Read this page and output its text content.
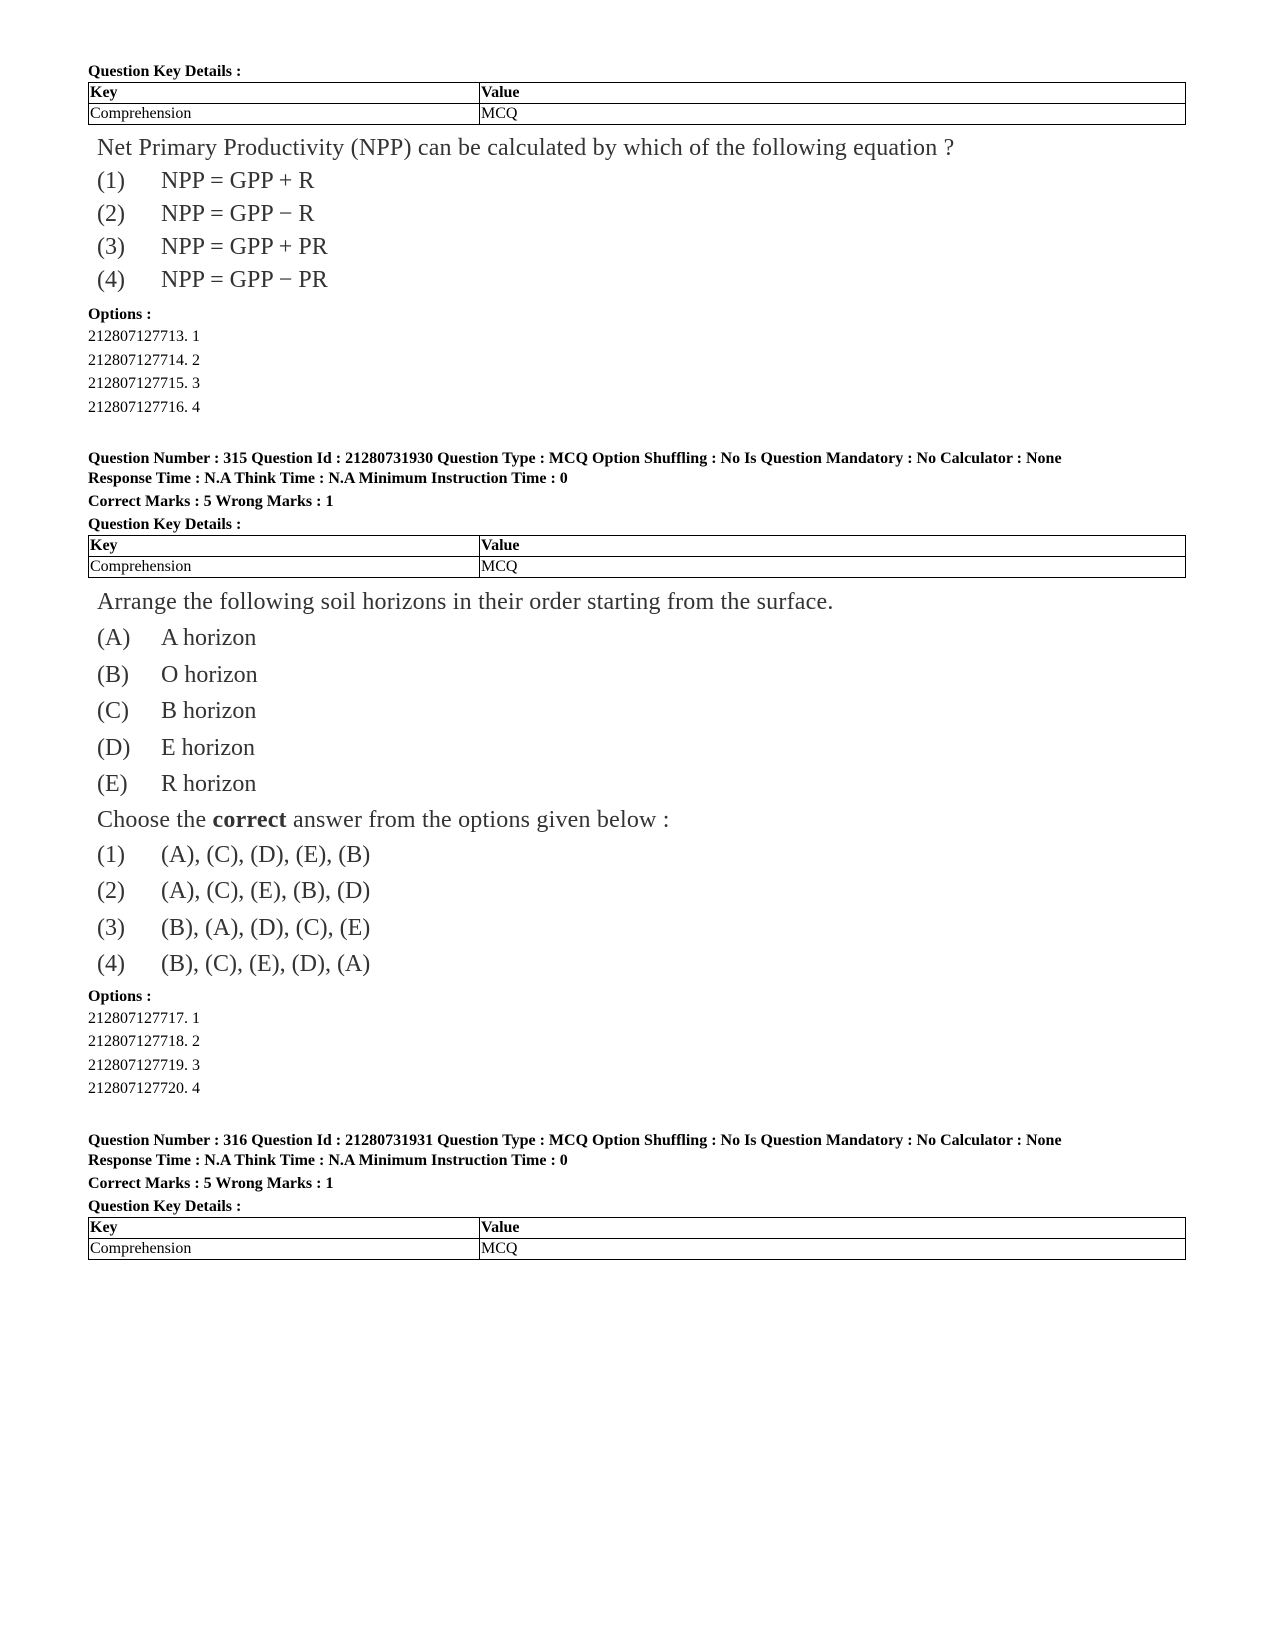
Question Key Details :
Key	Value
Comprehension	MCQ
Net Primary Productivity (NPP) can be calculated by which of the following equation ?
(1)	NPP = GPP + R
(2)	NPP = GPP − R
(3)	NPP = GPP + PR
(4)	NPP = GPP − PR
Options :
212807127713. 1
212807127714. 2
212807127715. 3
212807127716. 4
Question Number : 315 Question Id : 21280731930 Question Type : MCQ Option Shuffling : No Is Question Mandatory : No Calculator : None
Response Time : N.A Think Time : N.A Minimum Instruction Time : 0
Correct Marks : 5 Wrong Marks : 1
Question Key Details :
Key	Value
Comprehension	MCQ
Arrange the following soil horizons in their order starting from the surface.
(A)	A horizon
(B)	O horizon
(C)	B horizon
(D)	E horizon
(E)	R horizon
Choose the correct answer from the options given below :
(1)	(A), (C), (D), (E), (B)
(2)	(A), (C), (E), (B), (D)
(3)	(B), (A), (D), (C), (E)
(4)	(B), (C), (E), (D), (A)
Options :
212807127717. 1
212807127718. 2
212807127719. 3
212807127720. 4
Question Number : 316 Question Id : 21280731931 Question Type : MCQ Option Shuffling : No Is Question Mandatory : No Calculator : None
Response Time : N.A Think Time : N.A Minimum Instruction Time : 0
Correct Marks : 5 Wrong Marks : 1
Question Key Details :
Key	Value
Comprehension	MCQ
